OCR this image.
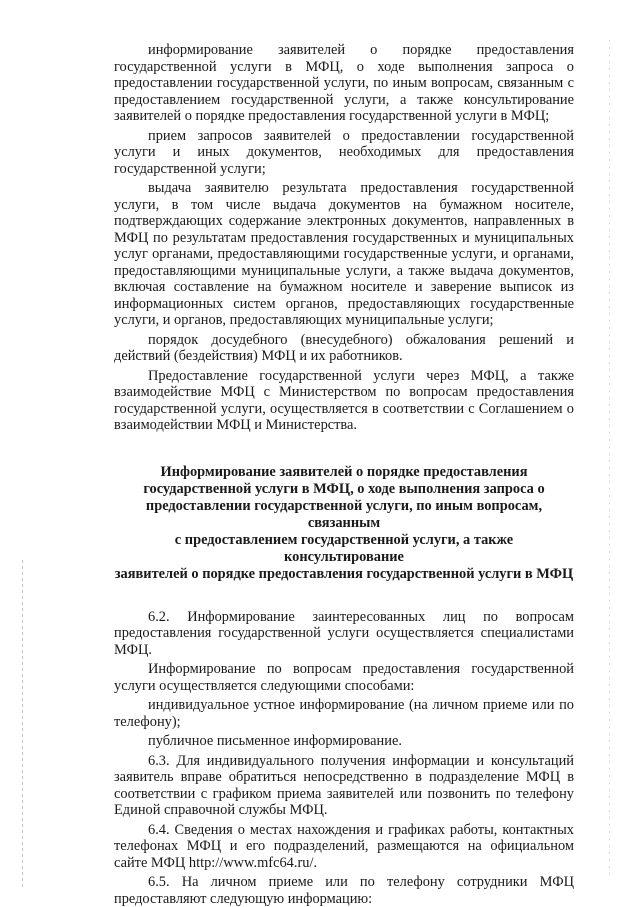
информирование заявителей о порядке предоставления государственной услуги в МФЦ, о ходе выполнения запроса о предоставлении государственной услуги, по иным вопросам, связанным с предоставлением государственной услуги, а также консультирование заявителей о порядке предоставления государственной услуги в МФЦ;

прием запросов заявителей о предоставлении государственной услуги и иных документов, необходимых для предоставления государственной услуги;

выдача заявителю результата предоставления государственной услуги, в том числе выдача документов на бумажном носителе, подтверждающих содержание электронных документов, направленных в МФЦ по результатам предоставления государственных и муниципальных услуг органами, предоставляющими государственные услуги, и органами, предоставляющими муниципальные услуги, а также выдача документов, включая составление на бумажном носителе и заверение выписок из информационных систем органов, предоставляющих государственные услуги, и органов, предоставляющих муниципальные услуги;

порядок досудебного (внесудебного) обжалования решений и действий (бездействия) МФЦ и их работников.

Предоставление государственной услуги через МФЦ, а также взаимодействие МФЦ с Министерством по вопросам предоставления государственной услуги, осуществляется в соответствии с Соглашением о взаимодействии МФЦ и Министерства.

Информирование заявителей о порядке предоставления
государственной услуги в МФЦ, о ходе выполнения запроса о
предоставлении государственной услуги, по иным вопросам, связанным
с предоставлением государственной услуги, а также консультирование
заявителей о порядке предоставления государственной услуги в МФЦ

6.2. Информирование заинтересованных лиц по вопросам предоставления государственной услуги осуществляется специалистами МФЦ.

Информирование по вопросам предоставления государственной услуги осуществляется следующими способами:

индивидуальное устное информирование (на личном приеме или по телефону);

публичное письменное информирование.

6.3. Для индивидуального получения информации и консультаций заявитель вправе обратиться непосредственно в подразделение МФЦ в соответствии с графиком приема заявителей или позвонить по телефону Единой справочной службы МФЦ.

6.4. Сведения о местах нахождения и графиках работы, контактных телефонах МФЦ и его подразделений, размещаются на официальном сайте МФЦ http://www.mfc64.ru/.

6.5. На личном приеме или по телефону сотрудники МФЦ предоставляют следующую информацию:
